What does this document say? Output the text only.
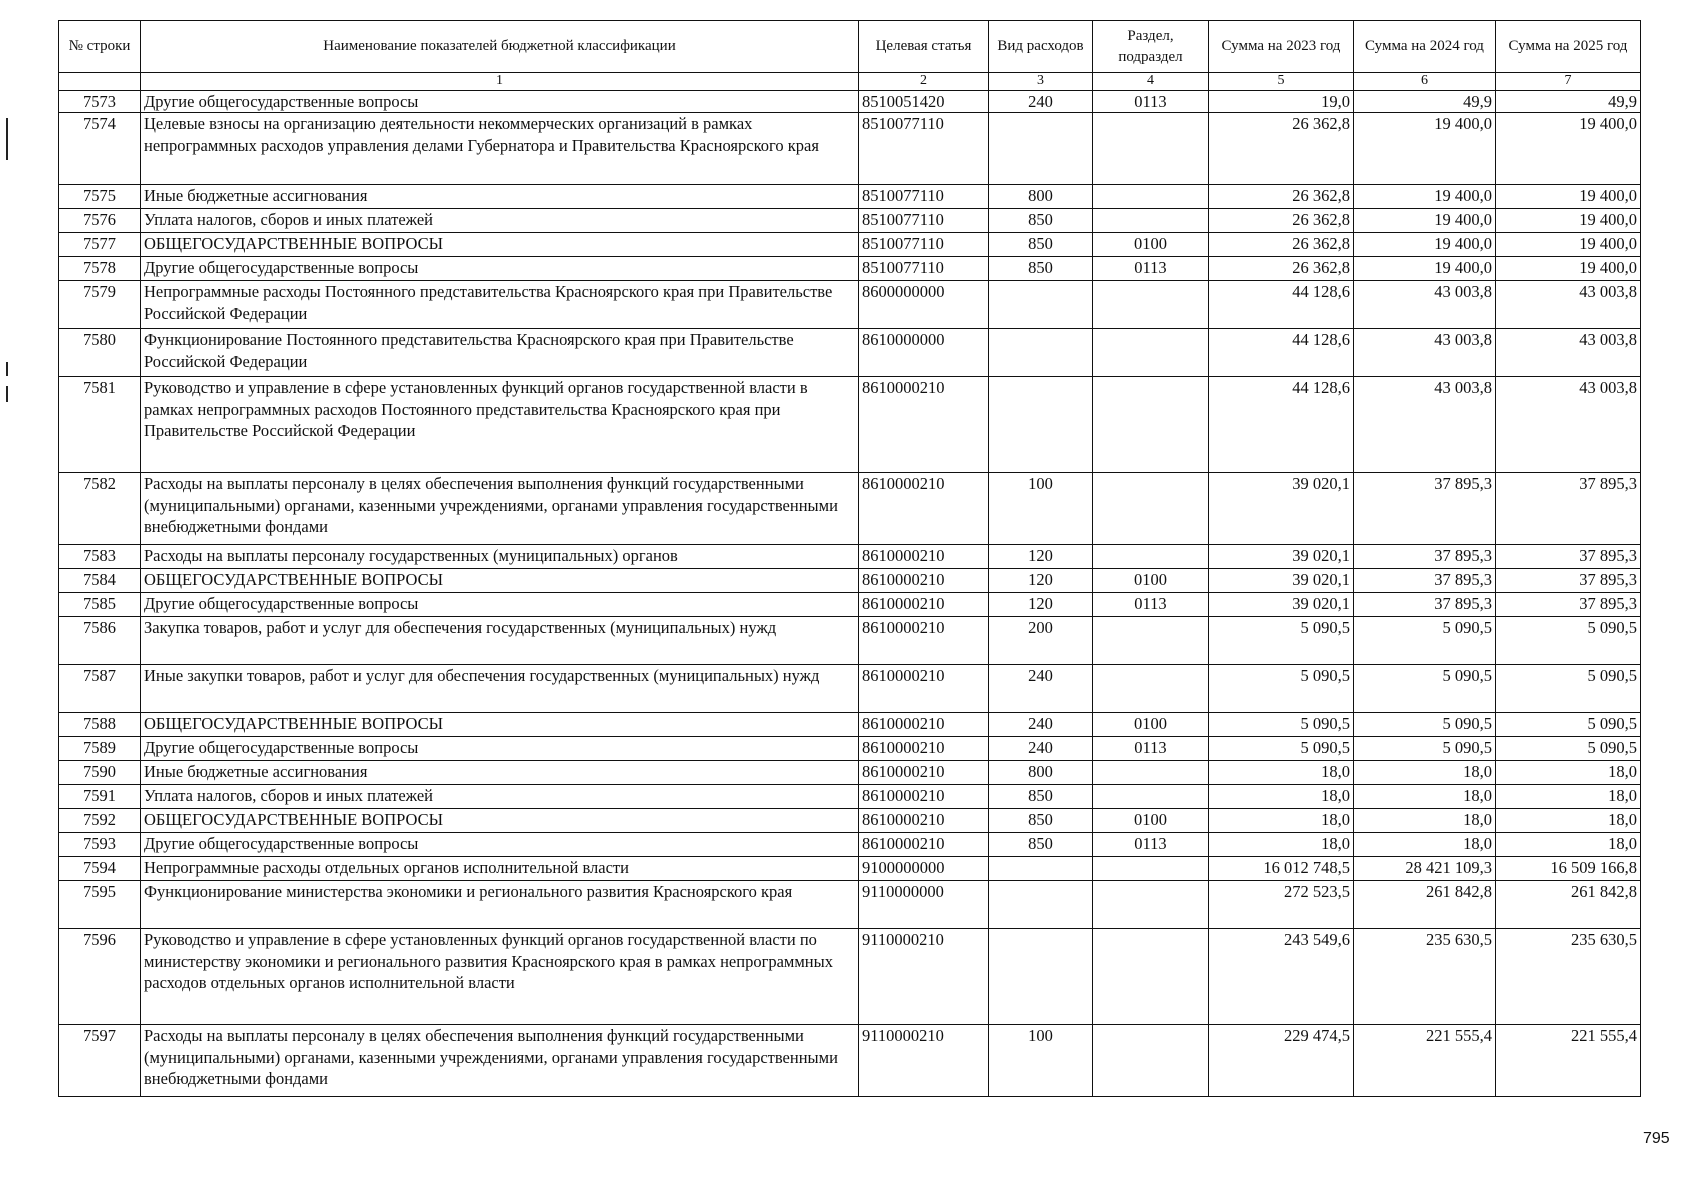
№ строки	Наименование показателей бюджетной классификации	Целевая статья	Вид расходов	Раздел, подраздел	Сумма на 2023 год	Сумма на 2024 год	Сумма на 2025 год
	1	2	3	4	5	6	7
7573	Другие общегосударственные вопросы	8510051420	240	0113	19,0	49,9	49,9
7574	Целевые взносы на организацию деятельности некоммерческих организаций в рамках непрограммных расходов управления делами Губернатора и Правительства Красноярского края	8510077110			26 362,8	19 400,0	19 400,0
7575	Иные бюджетные ассигнования	8510077110	800		26 362,8	19 400,0	19 400,0
7576	Уплата налогов, сборов и иных платежей	8510077110	850		26 362,8	19 400,0	19 400,0
7577	ОБЩЕГОСУДАРСТВЕННЫЕ ВОПРОСЫ	8510077110	850	0100	26 362,8	19 400,0	19 400,0
7578	Другие общегосударственные вопросы	8510077110	850	0113	26 362,8	19 400,0	19 400,0
7579	Непрограммные расходы Постоянного представительства Красноярского края при Правительстве Российской Федерации	8600000000			44 128,6	43 003,8	43 003,8
7580	Функционирование Постоянного представительства Красноярского края при Правительстве Российской Федерации	8610000000			44 128,6	43 003,8	43 003,8
7581	Руководство и управление в сфере установленных функций органов государственной власти в рамках непрограммных расходов Постоянного представительства Красноярского края при Правительстве Российской Федерации	8610000210			44 128,6	43 003,8	43 003,8
7582	Расходы на выплаты персоналу в целях обеспечения выполнения функций государственными (муниципальными) органами, казенными учреждениями, органами управления государственными внебюджетными фондами	8610000210	100		39 020,1	37 895,3	37 895,3
7583	Расходы на выплаты персоналу государственных (муниципальных) органов	8610000210	120		39 020,1	37 895,3	37 895,3
7584	ОБЩЕГОСУДАРСТВЕННЫЕ ВОПРОСЫ	8610000210	120	0100	39 020,1	37 895,3	37 895,3
7585	Другие общегосударственные вопросы	8610000210	120	0113	39 020,1	37 895,3	37 895,3
7586	Закупка товаров, работ и услуг для обеспечения государственных (муниципальных) нужд	8610000210	200		5 090,5	5 090,5	5 090,5
7587	Иные закупки товаров, работ и услуг для обеспечения государственных (муниципальных) нужд	8610000210	240		5 090,5	5 090,5	5 090,5
7588	ОБЩЕГОСУДАРСТВЕННЫЕ ВОПРОСЫ	8610000210	240	0100	5 090,5	5 090,5	5 090,5
7589	Другие общегосударственные вопросы	8610000210	240	0113	5 090,5	5 090,5	5 090,5
7590	Иные бюджетные ассигнования	8610000210	800		18,0	18,0	18,0
7591	Уплата налогов, сборов и иных платежей	8610000210	850		18,0	18,0	18,0
7592	ОБЩЕГОСУДАРСТВЕННЫЕ ВОПРОСЫ	8610000210	850	0100	18,0	18,0	18,0
7593	Другие общегосударственные вопросы	8610000210	850	0113	18,0	18,0	18,0
7594	Непрограммные расходы отдельных органов исполнительной власти	9100000000			16 012 748,5	28 421 109,3	16 509 166,8
7595	Функционирование министерства экономики и регионального развития Красноярского края	9110000000			272 523,5	261 842,8	261 842,8
7596	Руководство и управление в сфере установленных функций органов государственной власти по министерству экономики и регионального развития Красноярского края в рамках непрограммных расходов отдельных органов исполнительной власти	9110000210			243 549,6	235 630,5	235 630,5
7597	Расходы на выплаты персоналу в целях обеспечения выполнения функций государственными (муниципальными) органами, казенными учреждениями, органами управления государственными внебюджетными фондами	9110000210	100		229 474,5	221 555,4	221 555,4
795
